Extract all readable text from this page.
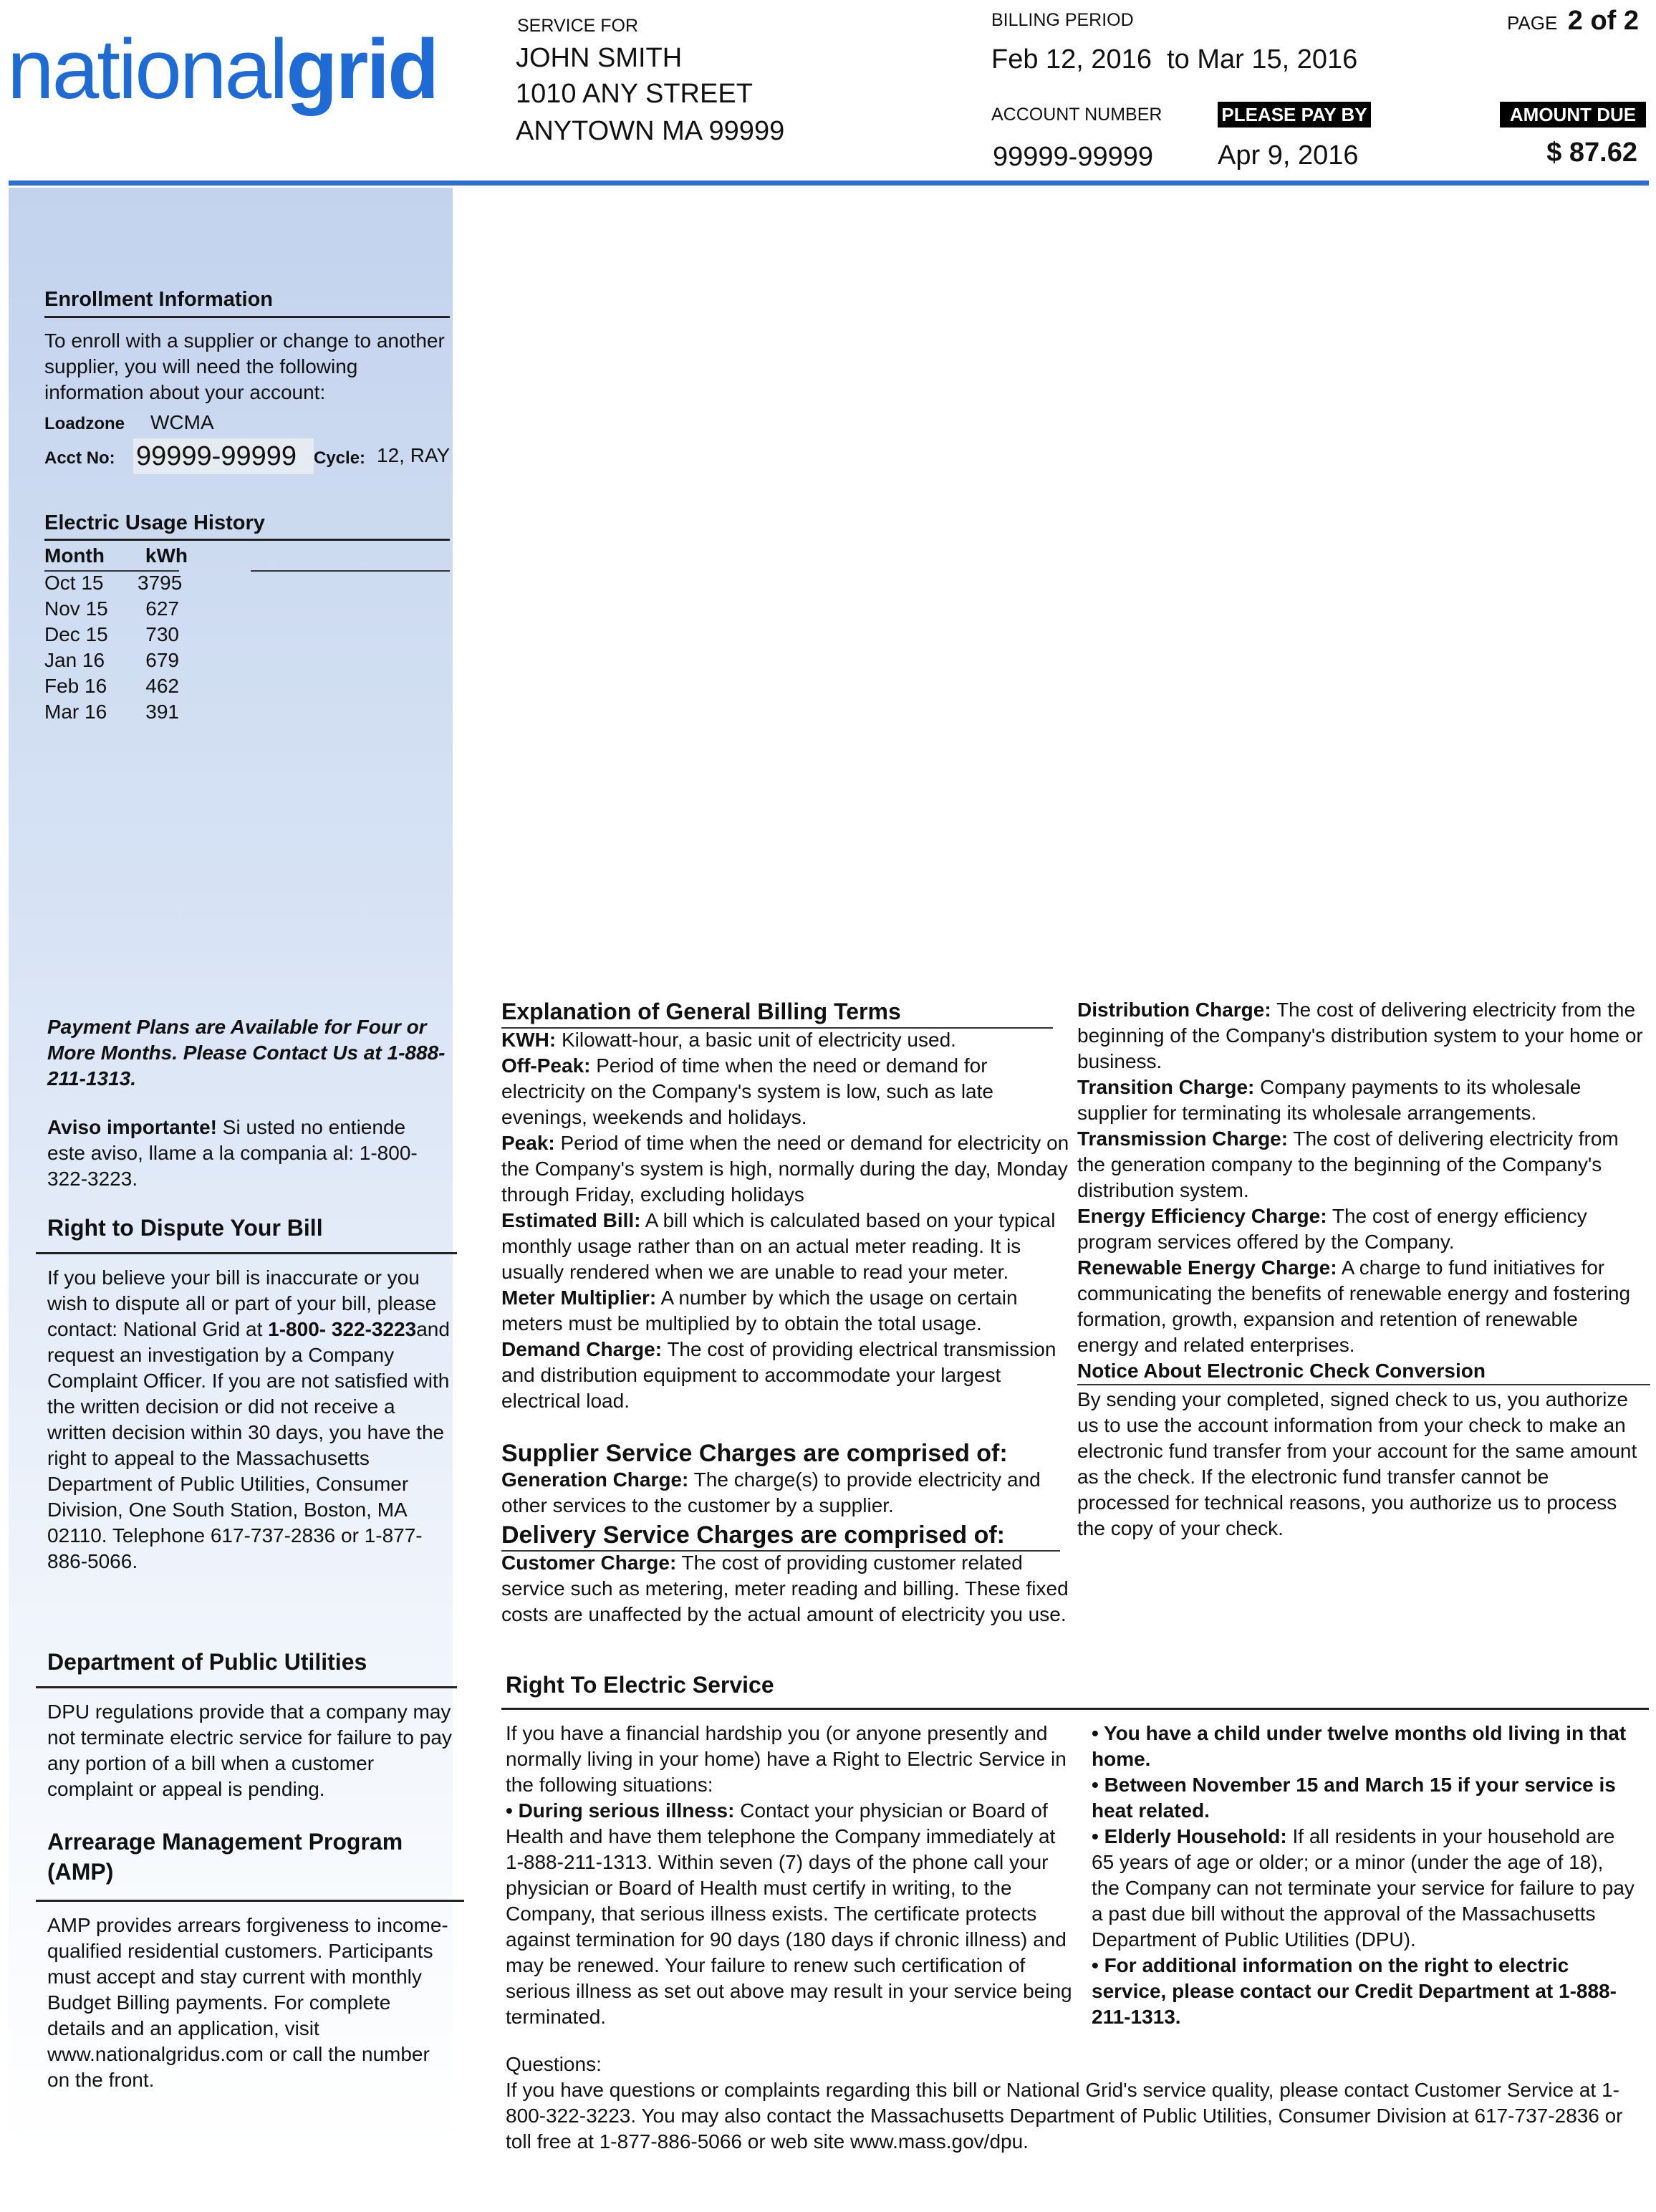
nationalgrid	SERVICE FOR
JOHN SMITH
1010 ANY STREET
ANYTOWN MA 99999
BILLING PERIOD
Feb 12, 2016 to Mar 15, 2016
ACCOUNT NUMBER
99999-99999
PLEASE PAY BY
Apr 9, 2016
PAGE 2 of 2
AMOUNT DUE
$ 87.62
Enrollment Information
To enroll with a supplier or change to another supplier, you will need the following information about your account:
Loadzone WCMA
Acct No: 99999-99999	Cycle: 12, RAY
Electric Usage History
Month	kWh
Oct 15	3795
Nov 15	627
Dec 15	730
Jan 16	679
Feb 16	462
Mar 16	391
Payment Plans are Available for Four or More Months. Please Contact Us at 1-888-211-1313.
Aviso importante! Si usted no entiende este aviso, llame a la compania al: 1-800-322-3223.
Right to Dispute Your Bill
If you believe your bill is inaccurate or you wish to dispute all or part of your bill, please contact: National Grid at 1-800- 322-3223and request an investigation by a Company Complaint Officer. If you are not satisfied with the written decision or did not receive a written decision within 30 days, you have the right to appeal to the Massachusetts Department of Public Utilities, Consumer Division, One South Station, Boston, MA 02110. Telephone 617-737-2836 or 1-877-886-5066.
Department of Public Utilities
DPU regulations provide that a company may not terminate electric service for failure to pay any portion of a bill when a customer complaint or appeal is pending.
Arrearage Management Program (AMP)
AMP provides arrears forgiveness to income-qualified residential customers. Participants must accept and stay current with monthly Budget Billing payments. For complete details and an application, visit www.nationalgridus.com or call the number on the front.
Explanation of General Billing Terms
KWH: Kilowatt-hour, a basic unit of electricity used.
Off-Peak: Period of time when the need or demand for electricity on the Company's system is low, such as late evenings, weekends and holidays.
Peak: Period of time when the need or demand for electricity on the Company's system is high, normally during the day, Monday through Friday, excluding holidays
Estimated Bill: A bill which is calculated based on your typical monthly usage rather than on an actual meter reading. It is usually rendered when we are unable to read your meter.
Meter Multiplier: A number by which the usage on certain meters must be multiplied by to obtain the total usage.
Demand Charge: The cost of providing electrical transmission and distribution equipment to accommodate your largest electrical load.
Supplier Service Charges are comprised of:
Generation Charge: The charge(s) to provide electricity and other services to the customer by a supplier.
Delivery Service Charges are comprised of:
Customer Charge: The cost of providing customer related service such as metering, meter reading and billing. These fixed costs are unaffected by the actual amount of electricity you use.
Distribution Charge: The cost of delivering electricity from the beginning of the Company's distribution system to your home or business.
Transition Charge: Company payments to its wholesale supplier for terminating its wholesale arrangements.
Transmission Charge: The cost of delivering electricity from the generation company to the beginning of the Company's distribution system.
Energy Efficiency Charge: The cost of energy efficiency program services offered by the Company.
Renewable Energy Charge: A charge to fund initiatives for communicating the benefits of renewable energy and fostering formation, growth, expansion and retention of renewable energy and related enterprises.
Notice About Electronic Check Conversion
By sending your completed, signed check to us, you authorize us to use the account information from your check to make an electronic fund transfer from your account for the same amount as the check. If the electronic fund transfer cannot be processed for technical reasons, you authorize us to process the copy of your check.
Right To Electric Service
If you have a financial hardship you (or anyone presently and normally living in your home) have a Right to Electric Service in the following situations:
• During serious illness: Contact your physician or Board of Health and have them telephone the Company immediately at 1-888-211-1313. Within seven (7) days of the phone call your physician or Board of Health must certify in writing, to the Company, that serious illness exists. The certificate protects against termination for 90 days (180 days if chronic illness) and may be renewed. Your failure to renew such certification of serious illness as set out above may result in your service being terminated.
• You have a child under twelve months old living in that home.
• Between November 15 and March 15 if your service is heat related.
• Elderly Household: If all residents in your household are 65 years of age or older; or a minor (under the age of 18), the Company can not terminate your service for failure to pay a past due bill without the approval of the Massachusetts Department of Public Utilities (DPU).
• For additional information on the right to electric service, please contact our Credit Department at 1-888-211-1313.
Questions:
If you have questions or complaints regarding this bill or National Grid's service quality, please contact Customer Service at 1-800-322-3223. You may also contact the Massachusetts Department of Public Utilities, Consumer Division at 617-737-2836 or toll free at 1-877-886-5066 or web site www.mass.gov/dpu.
